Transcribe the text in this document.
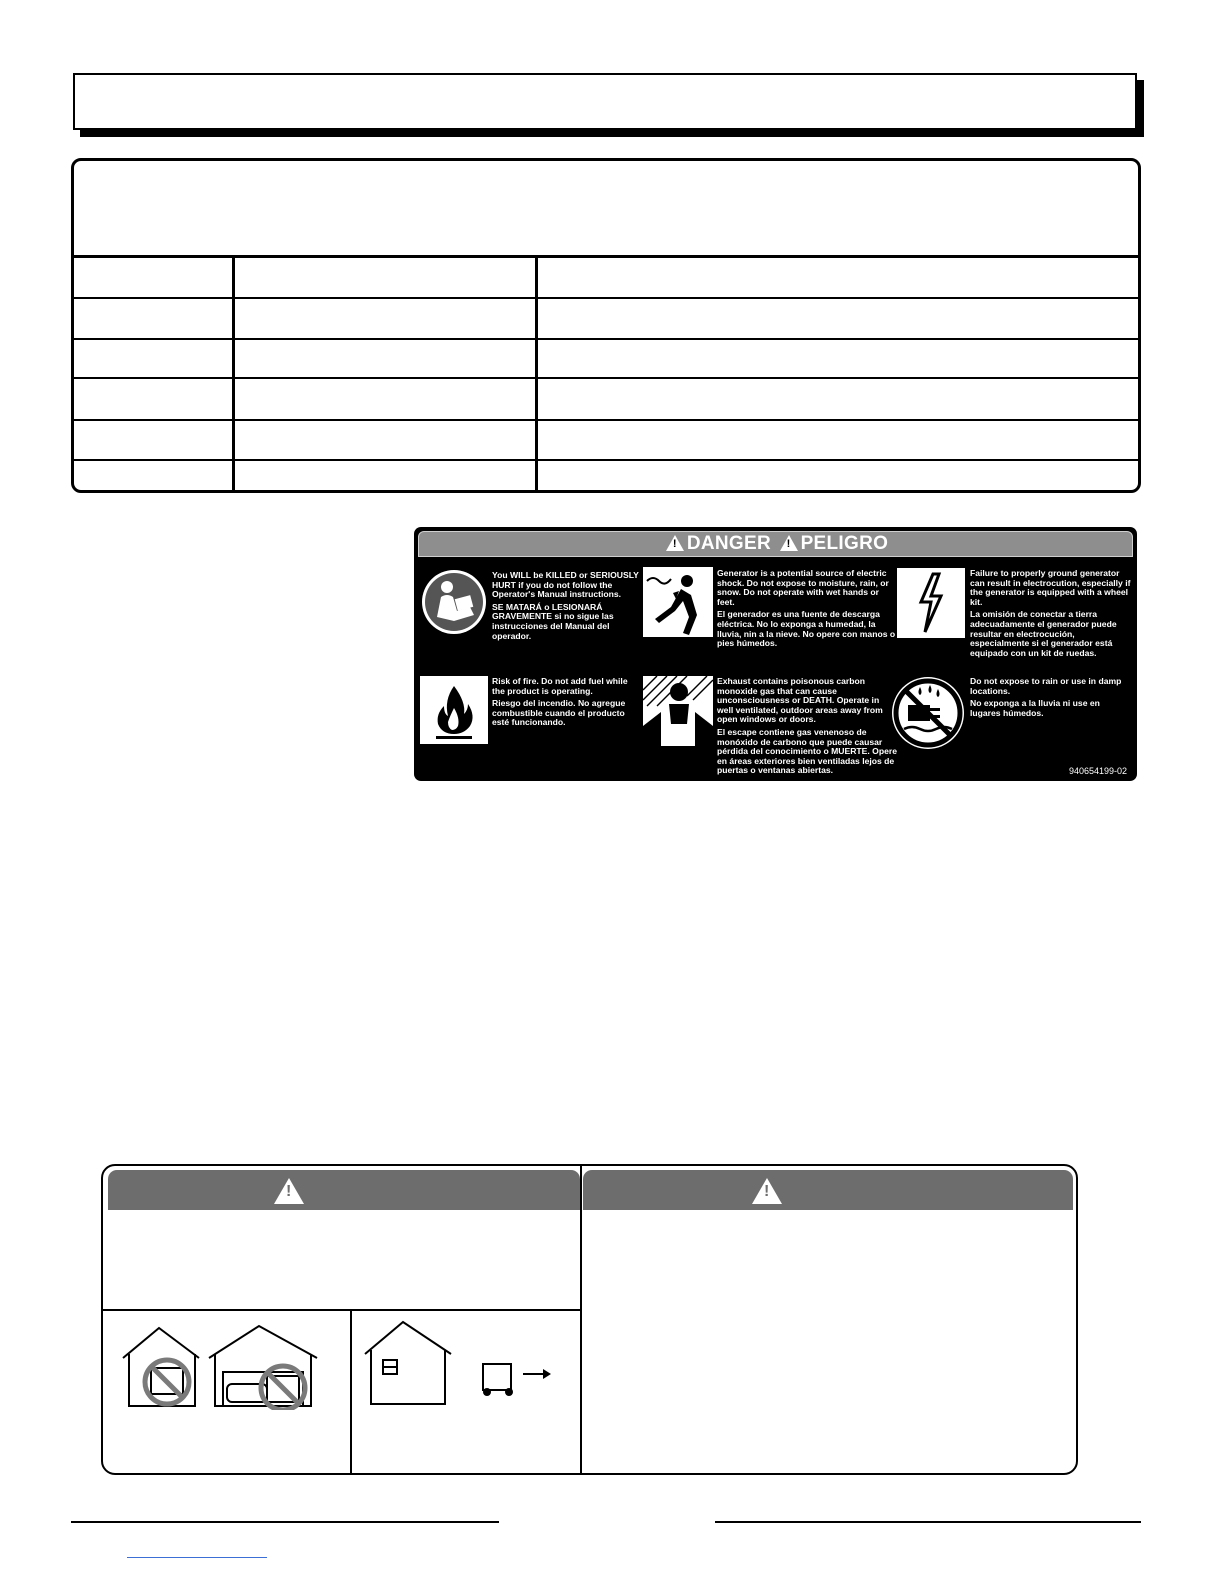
!DANGER ! PELIGRO

You WILL be KILLED or SERIOUSLY HURT if you do not follow the Operator's Manual instructions.

SE MATARÁ o LESIONARÁ GRAVEMENTE si no sigue las instrucciones del Manual del operador.

Generator is a potential source of electric shock. Do not expose to moisture, rain, or snow. Do not operate with wet hands or feet.

El generador es una fuente de descarga eléctrica. No lo exponga a humedad, la lluvia, nin a la nieve. No opere con manos o pies húmedos.

Failure to properly ground generator can result in electrocution, especially if the generator is equipped with a wheel kit.

La omisión de conectar a tierra adecuadamente el generador puede resultar en electrocución, especialmente si el generador está equipado con un kit de ruedas.

Risk of fire. Do not add fuel while the product is operating.

Riesgo del incendio. No agregue combustible cuando el producto esté funcionando.

Exhaust contains poisonous carbon monoxide gas that can cause unconsciousness or DEATH. Operate in well ventilated, outdoor areas away from open windows or doors.

El escape contiene gas venenoso de monóxido de carbono que puede causar pérdida del conocimiento o MUERTE. Opere en áreas exteriores bien ventiladas lejos de puertas o ventanas abiertas.

Do not expose to rain or use in damp locations.

No exponga a la lluvia ni use en lugares húmedos.

940654199-02
!	!
